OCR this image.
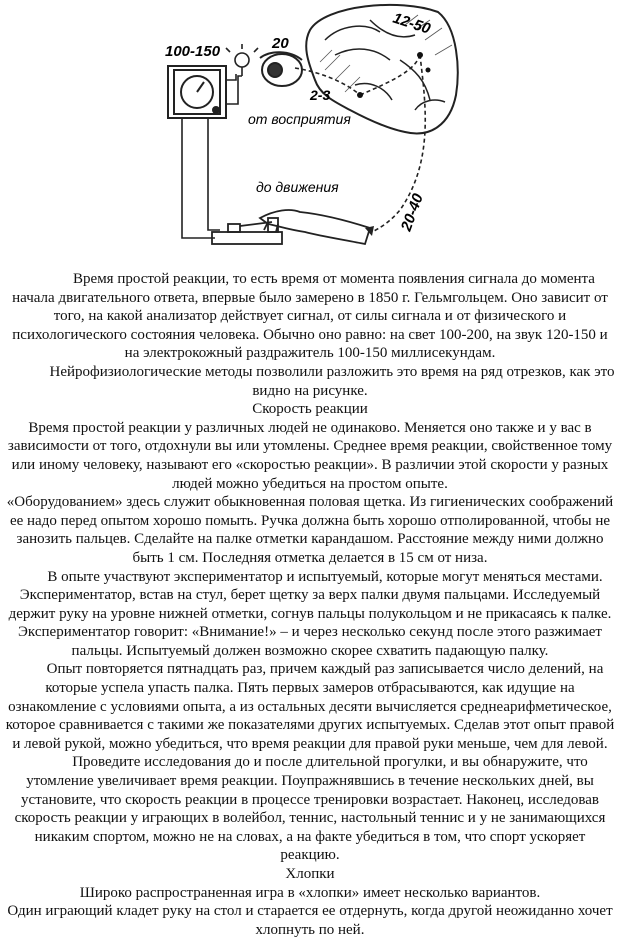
100-150	20
12-50
2-3
20-40
от восприятия
до движения

Время простой реакции, то есть время от момента появления сигнала до момента начала двигательного ответа, впервые было замерено в 1850 г. Гельмгольцем. Оно зависит от того, на какой анализатор действует сигнал, от силы сигнала и от физического и психологического состояния человека. Обычно оно равно: на свет 100-200, на звук 120-150 и на электрокожный раздражитель 100-150 миллисекундам.

Нейрофизиологические методы позволили разложить это время на ряд отрезков, как это видно на рисунке.

Скорость реакции

Время простой реакции у различных людей не одинаково. Меняется оно также и у вас в зависимости от того, отдохнули вы или утомлены. Среднее время реакции, свойственное тому или иному человеку, называют его «скоростью реакции». В различии этой скорости у разных людей можно убедиться на простом опыте.

«Оборудованием» здесь служит обыкновенная половая щетка. Из гигиенических соображений ее надо перед опытом хорошо помыть. Ручка должна быть хорошо отполированной, чтобы не занозить пальцев. Сделайте на палке отметки карандашом. Расстояние между ними должно быть 1 см. Последняя отметка делается в 15 см от низа.

В опыте участвуют экспериментатор и испытуемый, которые могут меняться местами. Экспериментатор, встав на стул, берет щетку за верх палки двумя пальцами. Исследуемый держит руку на уровне нижней отметки, согнув пальцы полукольцом и не прикасаясь к палке. Экспериментатор говорит: «Внимание!» – и через несколько секунд после этого разжимает пальцы. Испытуемый должен возможно скорее схватить падающую палку.

Опыт повторяется пятнадцать раз, причем каждый раз записывается число делений, на которые успела упасть палка. Пять первых замеров отбрасываются, как идущие на ознакомление с условиями опыта, а из остальных десяти вычисляется среднеарифметическое, которое сравнивается с такими же показателями других испытуемых. Сделав этот опыт правой и левой рукой, можно убедиться, что время реакции для правой руки меньше, чем для левой.

Проведите исследования до и после длительной прогулки, и вы обнаружите, что утомление увеличивает время реакции. Поупражнявшись в течение нескольких дней, вы установите, что скорость реакции в процессе тренировки возрастает. Наконец, исследовав скорость реакции у играющих в волейбол, теннис, настольный теннис и у не занимающихся никаким спортом, можно не на словах, а на факте убедиться в том, что спорт ускоряет реакцию.

Хлопки

Широко распространенная игра в «хлопки» имеет несколько вариантов.

Один играющий кладет руку на стол и старается ее отдернуть, когда другой неожиданно хочет хлопнуть по ней.
